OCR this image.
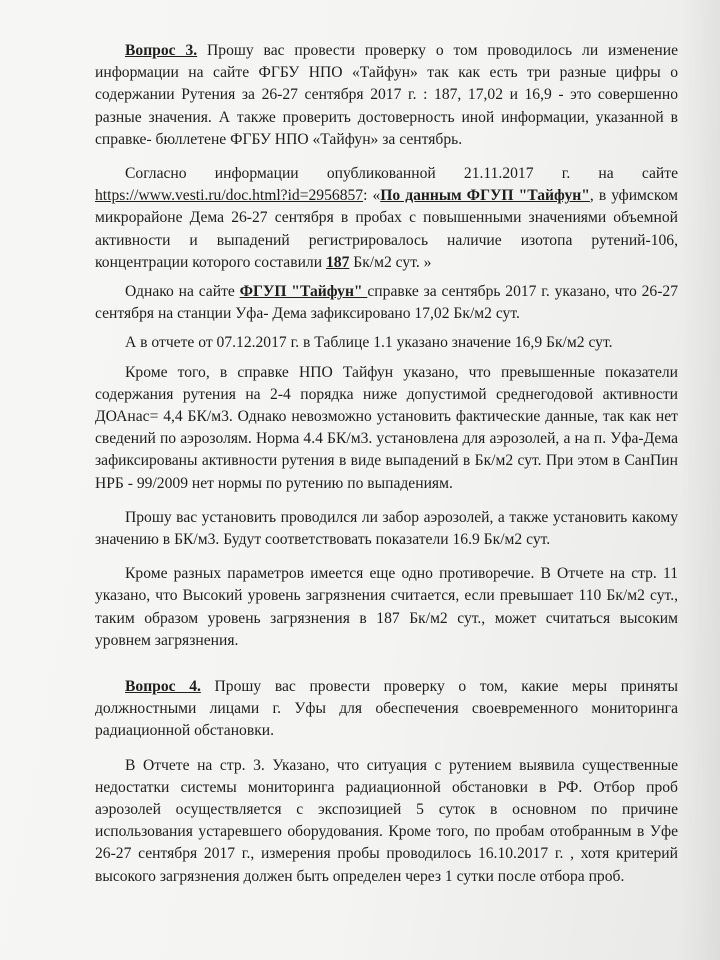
Вопрос 3. Прошу вас провести проверку о том проводилось ли изменение информации на сайте ФГБУ НПО «Тайфун» так как есть три разные цифры о содержании Рутения за 26-27 сентября 2017 г. : 187, 17,02 и 16,9 - это совершенно разные значения. А также проверить достоверность иной информации, указанной в справке- бюллетене ФГБУ НПО «Тайфун» за сентябрь.

Согласно информации опубликованной 21.11.2017 г. на сайте https://www.vesti.ru/doc.html?id=2956857: «По данным ФГУП "Тайфун", в уфимском микрорайоне Дема 26-27 сентября в пробах с повышенными значениями объемной активности и выпадений регистрировалось наличие изотопа рутений-106, концентрации которого составили 187 Бк/м2 сут. »

Однако на сайте ФГУП "Тайфун" справке за сентябрь 2017 г. указано, что 26-27 сентября на станции Уфа- Дема зафиксировано 17,02 Бк/м2 сут.

А в отчете от 07.12.2017 г. в Таблице 1.1 указано значение 16,9 Бк/м2 сут.

Кроме того, в справке НПО Тайфун указано, что превышенные показатели содержания рутения на 2-4 порядка ниже допустимой среднегодовой активности ДОАнас= 4,4 БК/м3. Однако невозможно установить фактические данные, так как нет сведений по аэрозолям. Норма 4.4 БК/м3. установлена для аэрозолей, а на п. Уфа-Дема зафиксированы активности рутения в виде выпадений в Бк/м2 сут. При этом в СанПин НРБ - 99/2009 нет нормы по рутению по выпадениям.

Прошу вас установить проводился ли забор аэрозолей, а также установить какому значению в БК/м3. Будут соответствовать показатели 16.9 Бк/м2 сут.

Кроме разных параметров имеется еще одно противоречие. В Отчете на стр. 11 указано, что Высокий уровень загрязнения считается, если превышает 110 Бк/м2 сут., таким образом уровень загрязнения в 187 Бк/м2 сут., может считаться высоким уровнем загрязнения.

Вопрос 4. Прошу вас провести проверку о том, какие меры приняты должностными лицами г. Уфы для обеспечения своевременного мониторинга радиационной обстановки.

В Отчете на стр. 3. Указано, что ситуация с рутением выявила существенные недостатки системы мониторинга радиационной обстановки в РФ. Отбор проб аэрозолей осуществляется с экспозицией 5 суток в основном по причине использования устаревшего оборудования. Кроме того, по пробам отобранным в Уфе 26-27 сентября 2017 г., измерения пробы проводилось 16.10.2017 г. , хотя критерий высокого загрязнения должен быть определен через 1 сутки после отбора проб.
